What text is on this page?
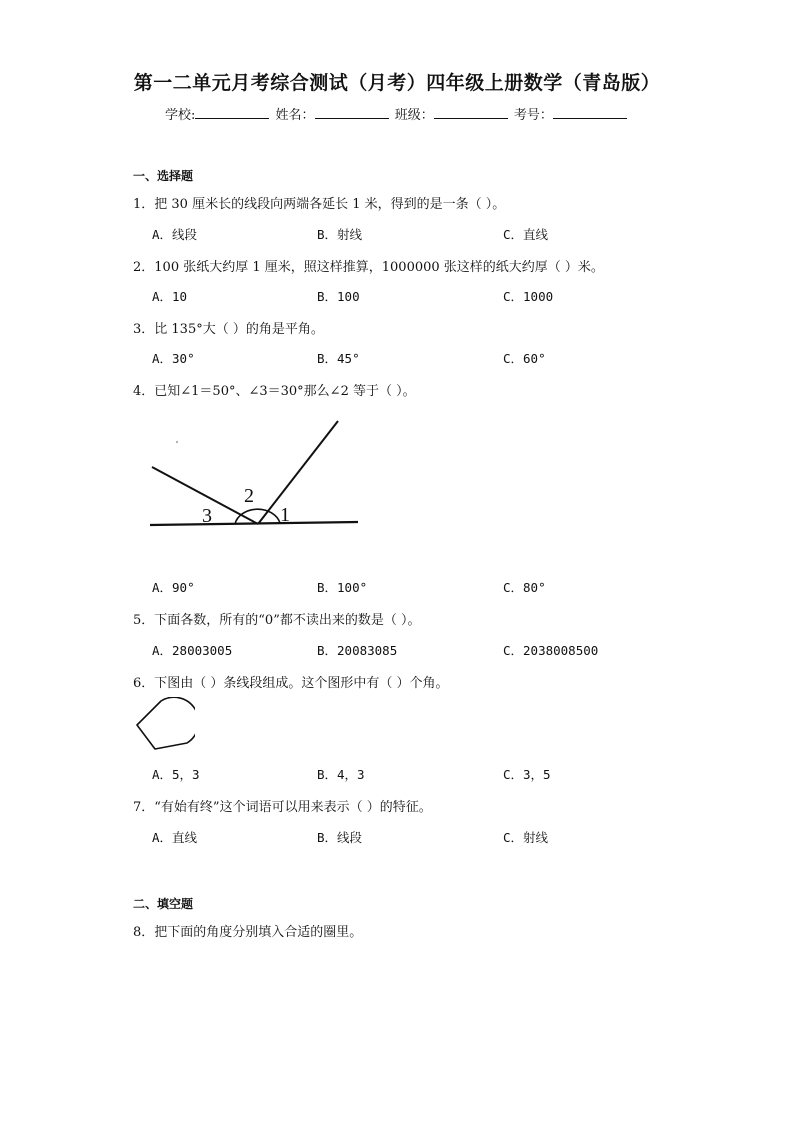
第一二单元月考综合测试（月考）四年级上册数学（青岛版）
学校:	姓名：	班级：	考号：
一、选择题
1．把 30 厘米长的线段向两端各延长 1 米，得到的是一条（ ）。
A．线段	B．射线	C．直线
2．100 张纸大约厚 1 厘米，照这样推算，1000000 张这样的纸大约厚（ ）米。
A．10	B．100	C．1000
3．比 135°大（ ）的角是平角。
A．30°	B．45°	C．60°
4．已知∠1＝50°、∠3＝30°那么∠2 等于（ ）。
2
3	1
A．90°	B．100°	C．80°
5．下面各数，所有的“0”都不读出来的数是（ ）。
A．28003005	B．20083085	C．2038008500
6．下图由（ ）条线段组成。这个图形中有（ ）个角。
A．5，3	B．4，3	C．3，5
7．“有始有终”这个词语可以用来表示（ ）的特征。
A．直线	B．线段	C．射线
二、填空题
8．把下面的角度分别填入合适的圈里。
